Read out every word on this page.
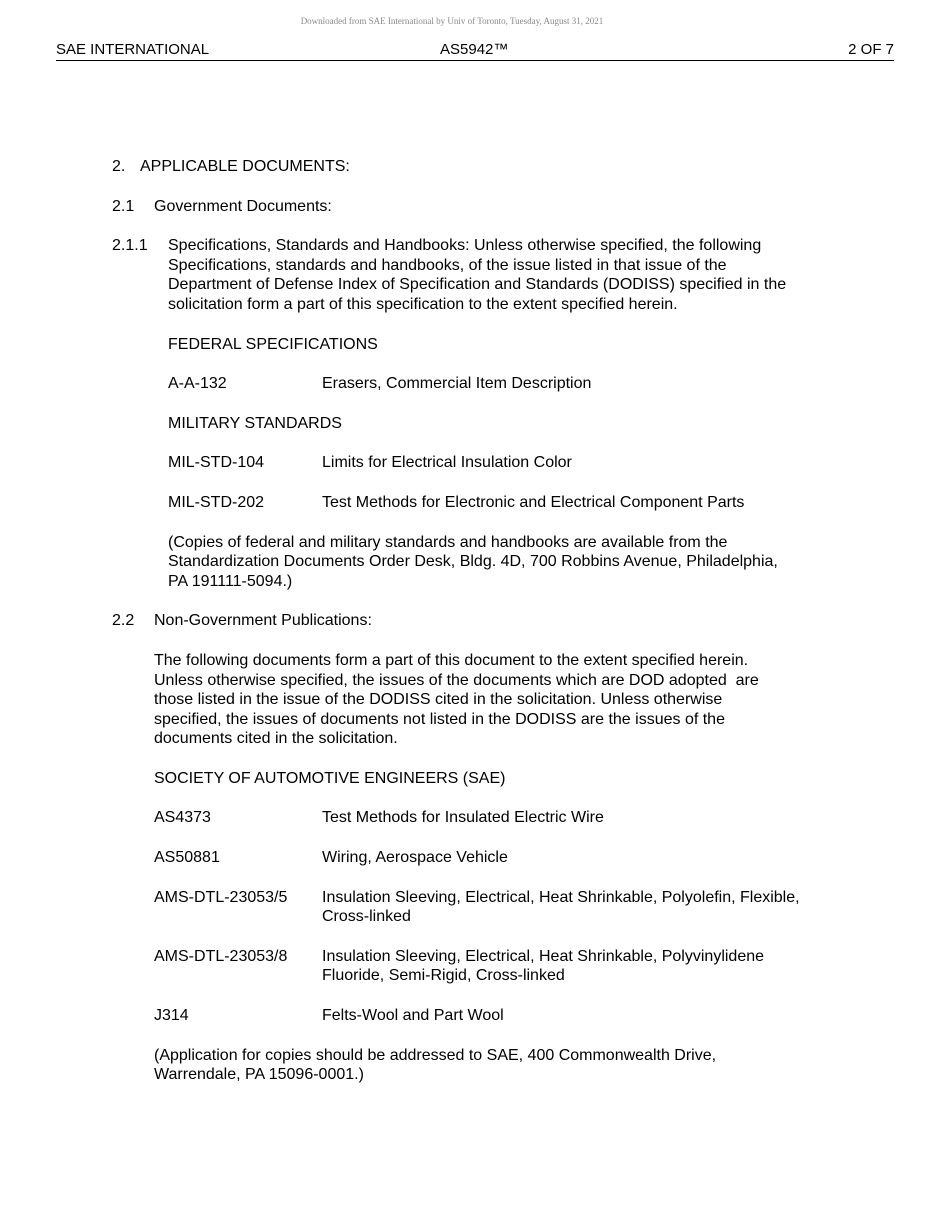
Downloaded from SAE International by Univ of Toronto, Tuesday, August 31, 2021
SAE INTERNATIONAL	AS5942™	2 OF 7
2. APPLICABLE DOCUMENTS:
2.1	Government Documents:
2.1.1	Specifications, Standards and Handbooks: Unless otherwise specified, the following
Specifications, standards and handbooks, of the issue listed in that issue of the
Department of Defense Index of Specification and Standards (DODISS) specified in the
solicitation form a part of this specification to the extent specified herein.
FEDERAL SPECIFICATIONS
A-A-132	Erasers, Commercial Item Description
MILITARY STANDARDS
MIL-STD-104	Limits for Electrical Insulation Color
MIL-STD-202	Test Methods for Electronic and Electrical Component Parts
(Copies of federal and military standards and handbooks are available from the
Standardization Documents Order Desk, Bldg. 4D, 700 Robbins Avenue, Philadelphia,
PA 191111-5094.)
2.2	Non-Government Publications:
The following documents form a part of this document to the extent specified herein.
Unless otherwise specified, the issues of the documents which are DOD adopted  are
those listed in the issue of the DODISS cited in the solicitation. Unless otherwise
specified, the issues of documents not listed in the DODISS are the issues of the
documents cited in the solicitation.
SOCIETY OF AUTOMOTIVE ENGINEERS (SAE)
AS4373	Test Methods for Insulated Electric Wire
AS50881	Wiring, Aerospace Vehicle
AMS-DTL-23053/5	Insulation Sleeving, Electrical, Heat Shrinkable, Polyolefin, Flexible,
Cross-linked
AMS-DTL-23053/8	Insulation Sleeving, Electrical, Heat Shrinkable, Polyvinylidene
Fluoride, Semi-Rigid, Cross-linked
J314	Felts-Wool and Part Wool
(Application for copies should be addressed to SAE, 400 Commonwealth Drive,
Warrendale, PA 15096-0001.)
